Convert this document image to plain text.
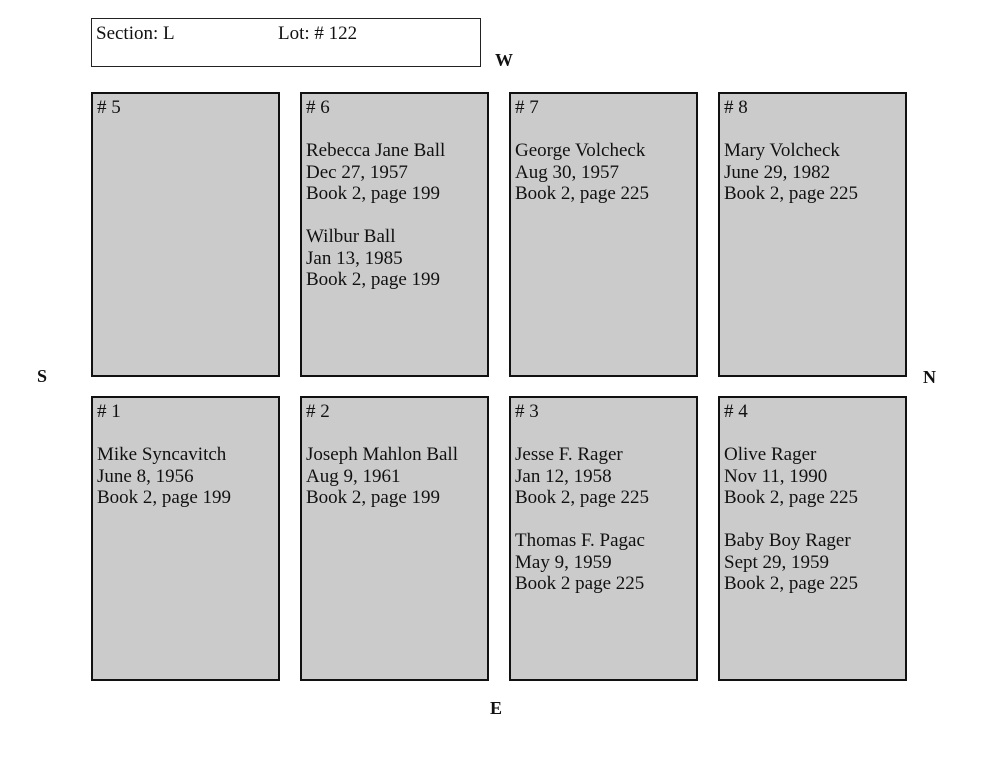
Section: L	Lot: # 122
W
E
S	N
# 5	# 6
Rebecca Jane Ball
Dec 27, 1957
Book 2, page 199
Wilbur Ball
Jan 13, 1985
Book 2, page 199
# 7
George Volcheck
Aug 30, 1957
Book 2, page 225
# 8
Mary Volcheck
June 29, 1982
Book 2, page 225
# 1
Mike Syncavitch
June 8, 1956
Book 2, page 199
# 2
Joseph Mahlon Ball
Aug 9, 1961
Book 2, page 199
# 3
Jesse F. Rager
Jan 12, 1958
Book 2, page 225
Thomas F. Pagac
May 9, 1959
Book 2 page 225
# 4
Olive Rager
Nov 11, 1990
Book 2, page 225
Baby Boy Rager
Sept 29, 1959
Book 2, page 225
